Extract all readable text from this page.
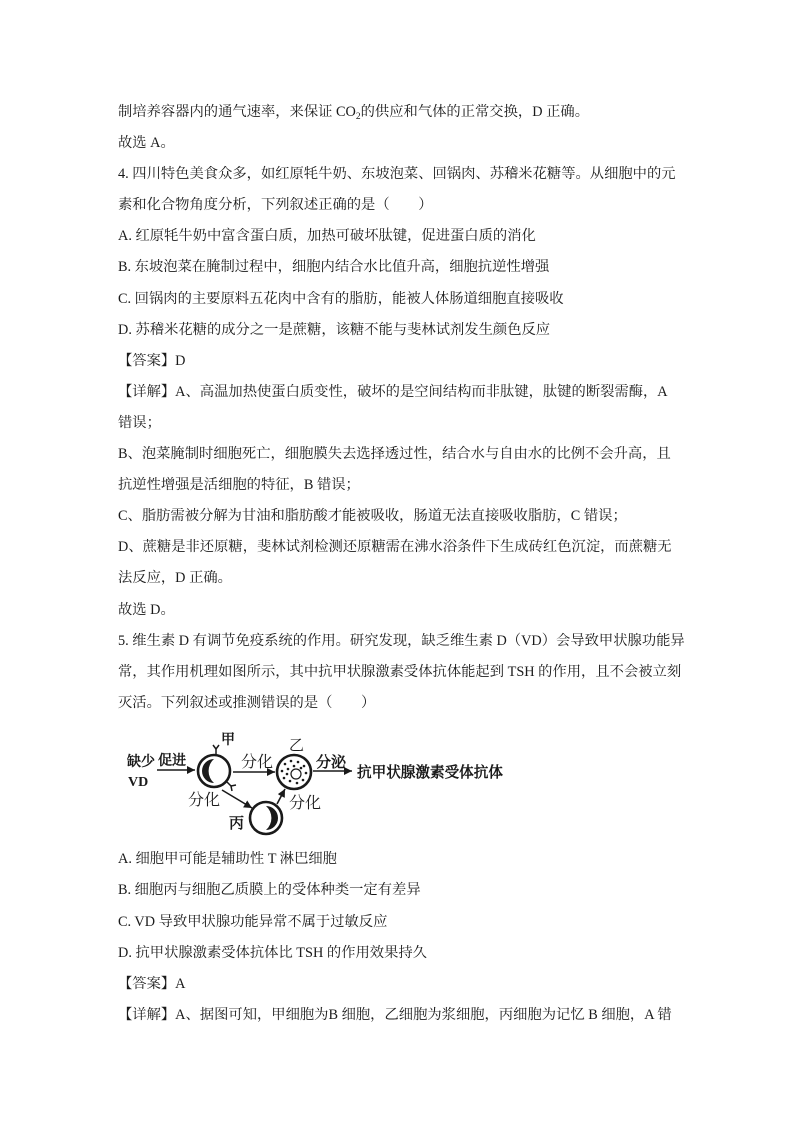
制培养容器内的通气速率，来保证 $CO_2$的供应和气体的正常交换，D 正确。
故选 A。
4. 四川特色美食众多，如红原牦牛奶、东坡泡菜、回锅肉、苏稽米花糖等。从细胞中的元
素和化合物角度分析，下列叙述正确的是（　　）
A. 红原牦牛奶中富含蛋白质，加热可破坏肽键，促进蛋白质的消化
B. 东坡泡菜在腌制过程中，细胞内结合水比值升高，细胞抗逆性增强
C. 回锅肉的主要原料五花肉中含有的脂肪，能被人体肠道细胞直接吸收
D. 苏稽米花糖的成分之一是蔗糖，该糖不能与斐林试剂发生颜色反应
【答案】D
【详解】A、高温加热使蛋白质变性，破坏的是空间结构而非肽键，肽键的断裂需酶，A
错误；
B、泡菜腌制时细胞死亡，细胞膜失去选择透过性，结合水与自由水的比例不会升高，且
抗逆性增强是活细胞的特征，B 错误；
C、脂肪需被分解为甘油和脂肪酸才能被吸收，肠道无法直接吸收脂肪，C 错误；
D、蔗糖是非还原糖，斐林试剂检测还原糖需在沸水浴条件下生成砖红色沉淀，而蔗糖无
法反应，D 正确。
故选 D。
5. 维生素 D 有调节免疫系统的作用。研究发现，缺乏维生素 D（VD）会导致甲状腺功能异
常，其作用机理如图所示，其中抗甲状腺激素受体抗体能起到 TSH 的作用，且不会被立刻
灭活。下列叙述或推测错误的是（　　）
缺少
VD
促进
甲
分化
乙
分泌
抗甲状腺激素受体抗体
分化
丙
分化
A. 细胞甲可能是辅助性 T 淋巴细胞
B. 细胞丙与细胞乙质膜上的受体种类一定有差异
C. VD 导致甲状腺功能异常不属于过敏反应
D. 抗甲状腺激素受体抗体比 TSH 的作用效果持久
【答案】A
【详解】A、据图可知，甲细胞为B 细胞，乙细胞为浆细胞，丙细胞为记忆 B 细胞，A 错
